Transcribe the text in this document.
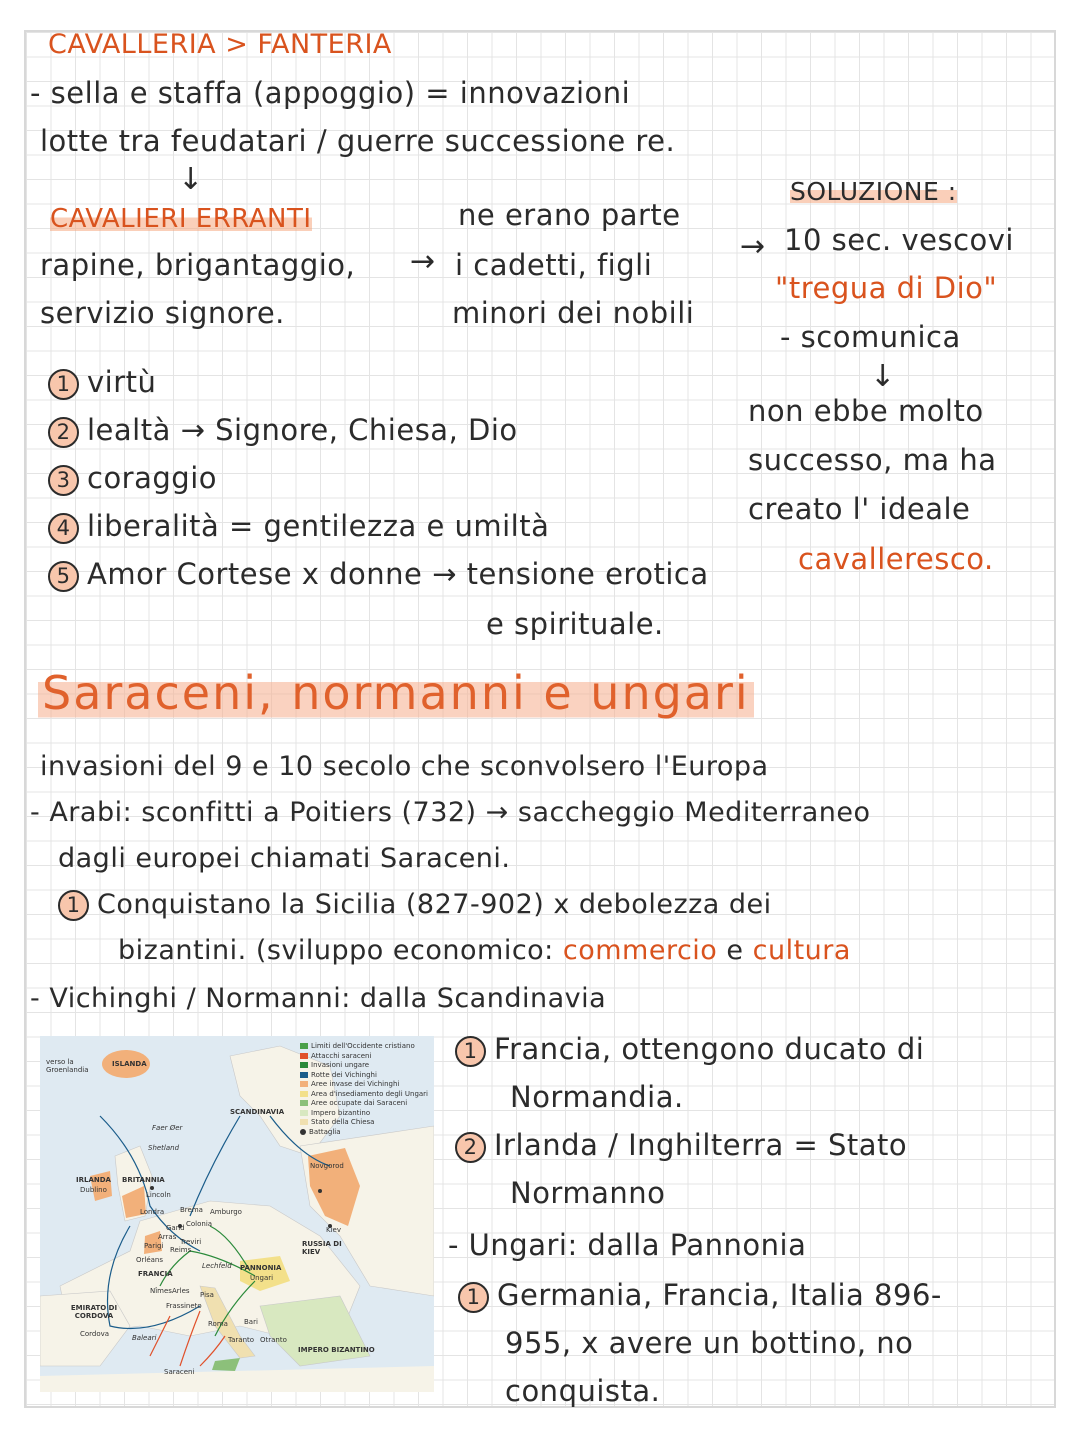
CAVALLERIA > FANTERIA
- sella e staffa (appoggio) = innovazioni
lotte tra feudatari / guerre successione re.
↓
CAVALIERI ERRANTI
rapine, brigantaggio,
servizio signore.
→
ne erano parte
i cadetti, figli
minori dei nobili
→
SOLUZIONE :
10 sec. vescovi
"tregua di Dio"
- scomunica
↓
non ebbe molto
successo, ma ha
creato l' ideale
cavalleresco.
1 virtù
2 lealtà → Signore, Chiesa, Dio
3 coraggio
4 liberalità = gentilezza e umiltà
5 Amor Cortese x donne → tensione erotica
e spirituale.
Saraceni, normanni e ungari
invasioni del 9 e 10 secolo che sconvolsero l'Europa
- Arabi: sconfitti a Poitiers (732) → saccheggio Mediterraneo
dagli europei chiamati Saraceni.
1 Conquistano la Sicilia (827-902) x debolezza dei
bizantini. (sviluppo economico: commercio e cultura
- Vichinghi / Normanni: dalla Scandinavia
1 Francia, ottengono ducato di
Normandia.
2 Irlanda / Inghilterra = Stato
Normanno
- Ungari: dalla Pannonia
1 Germania, Francia, Italia 896-
955, x avere un bottino, no
conquista.
Limiti dell'Occidente cristiano
Attacchi saraceni
Invasioni ungare
Rotte dei Vichinghi
Aree invase dei Vichinghi
Area d'insediamento degli Ungari
Aree occupate dai Saraceni
Impero bizantino
Stato della Chiesa
Battaglia
verso la Groenlandia
ISLANDA
Faer Øer
SCANDINAVIA
Shetland
Novgorod
IRLANDA
Dublino
BRITANNIA
Lincoln
Londra Brema Amburgo
Colonia
Gand
Arras
Parigi Treviri
Reims
Orléans
Lechfeld PANNONIA
Ungari
Kiev
RUSSIA DI KIEV
FRANCIA
Nîmes Arles
Frassineto
Pisa
Roma Bari
Taranto Otranto
EMIRATO DI CORDOVA
Cordova	Baleari
IMPERO BIZANTINO
Saraceni
